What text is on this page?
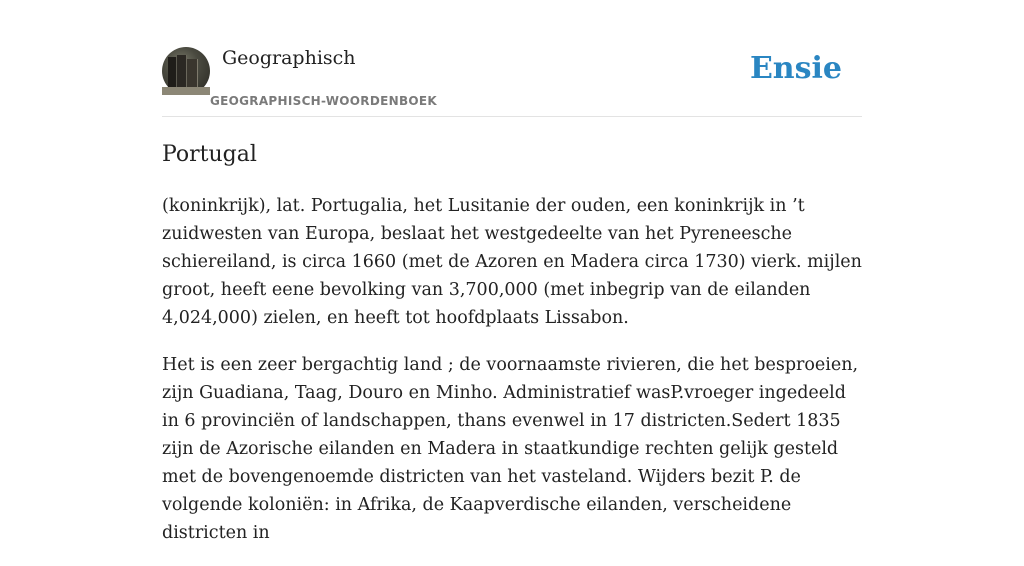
Geographisch
GEOGRAPHISCH-WOORDENBOEK
Ensie
Portugal

(koninkrijk), lat. Portugalia, het Lusitanie der ouden, een koninkrijk in ’t zuidwesten van Europa, beslaat het westgedeelte van het Pyreneesche schiereiland, is circa 1660 (met de Azoren en Madera circa 1730) vierk. mijlen groot, heeft eene bevolking van 3,700,000 (met inbegrip van de eilanden 4,024,000) zielen, en heeft tot hoofdplaats Lissabon.

Het is een zeer bergachtig land ; de voornaamste rivieren, die het besproeien, zijn Guadiana, Taag, Douro en Minho. Administratief wasP.vroeger ingedeeld in 6 provinciën of landschappen, thans evenwel in 17 districten.Sedert 1835 zijn de Azorische eilanden en Madera in staatkundige rechten gelijk gesteld met de bovengenoemde districten van het vasteland. Wijders bezit P. de volgende koloniën: in Afrika, de Kaapverdische eilanden, verscheidene districten in
